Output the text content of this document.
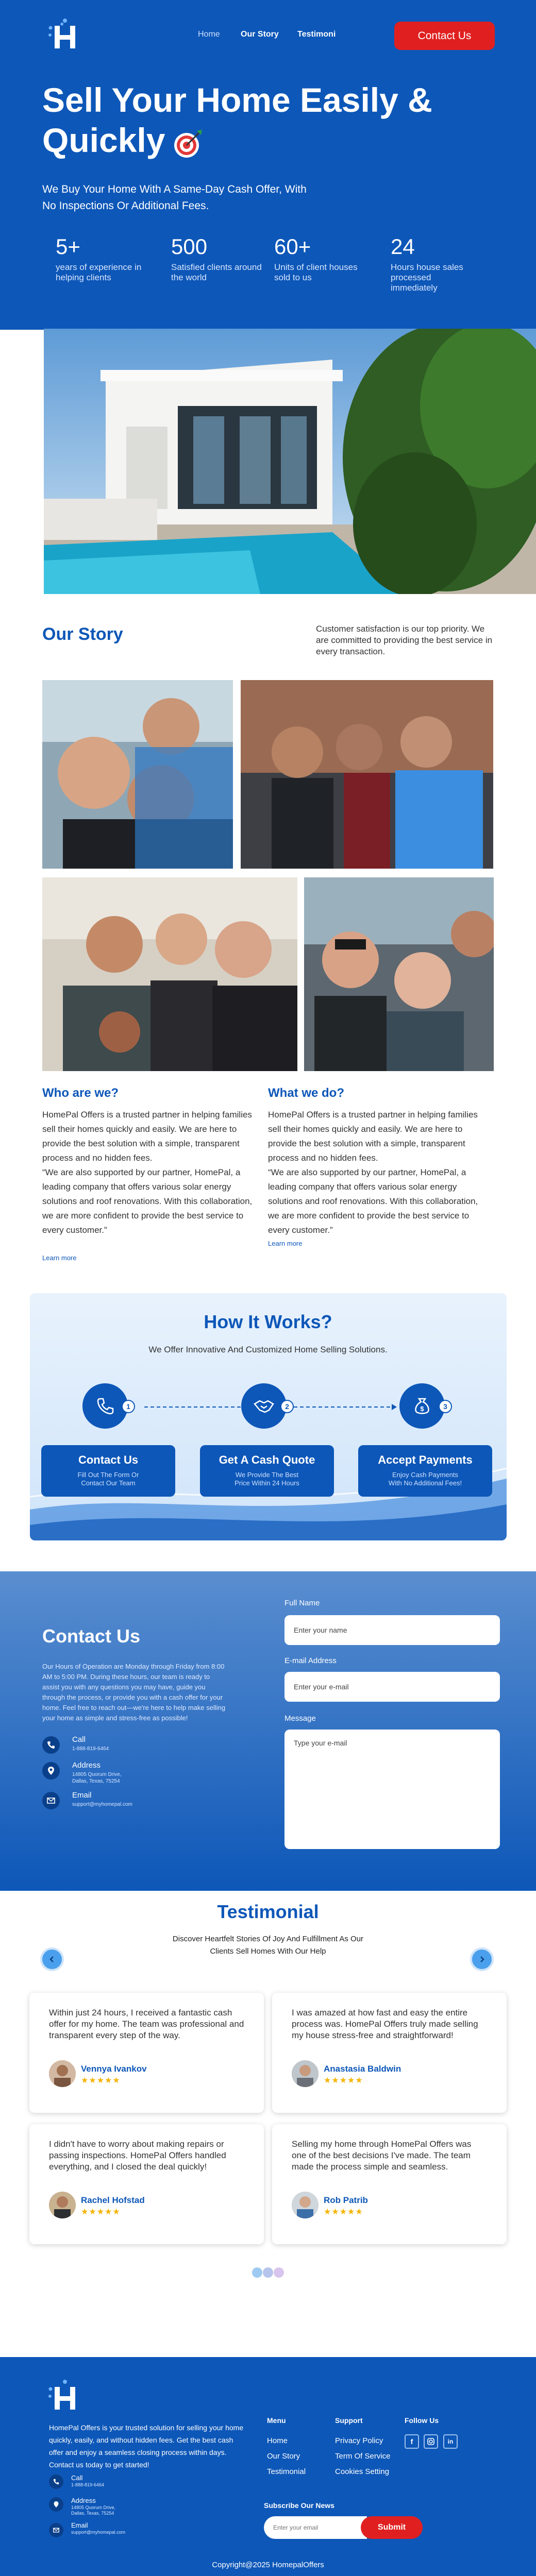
Home	Our Story Testimoni	Contact Us
Sell Your Home Easily & Quickly

We Buy Your Home With A Same-Day Cash Offer, With No Inspections Or Additional Fees.

5+
years of experience in helping clients
500
Satisfied clients around the world
60+
Units of client houses sold to us
24
Hours house sales processed immediately
Our Story	Customer satisfaction is our top priority. We are committed to providing the best service in every transaction.

Who are we?

HomePal Offers is a trusted partner in helping families sell their homes quickly and easily. We are here to provide the best solution with a simple, transparent process and no hidden fees.

“We are also supported by our partner, HomePal, a leading company that offers various solar energy solutions and roof renovations. With this collaboration, we are more confident to provide the best service to every customer.”

Learn more
What we do?

HomePal Offers is a trusted partner in helping families sell their homes quickly and easily. We are here to provide the best solution with a simple, transparent process and no hidden fees.

“We are also supported by our partner, HomePal, a leading company that offers various solar energy solutions and roof renovations. With this collaboration, we are more confident to provide the best service to every customer.”

Learn more
How It Works?

We Offer Innovative And Customized Home Selling Solutions.

1	2	$	3
Contact Us
Fill Out The Form Or Contact Our Team
Get A Cash Quote
We Provide The Best Price Within 24 Hours
Accept Payments
Enjoy Cash Payments With No Additional Fees!
Contact Us

Our Hours of Operation are Monday through Friday from 8:00 AM to 5:00 PM. During these hours, our team is ready to assist you with any questions you may have, guide you through the process, or provide you with a cash offer for your home. Feel free to reach out—we're here to help make selling your home as simple and stress-free as possible!

Call
1-888-819-6464
Address
14805 Quorum Drive, Dallas, Texas, 75254
Email
support@myhomepal.com
Full Name
Enter your name
E-mail Address
Enter your e-mail
Message
Type your e-mail
Testimonial

Discover Heartfelt Stories Of Joy And Fulfillment As Our Clients Sell Homes With Our Help

Within just 24 hours, I received a fantastic cash offer for my home. The team was professional and transparent every step of the way.

Vennya Ivankov
★★★★★

I was amazed at how fast and easy the entire process was. HomePal Offers truly made selling my house stress-free and straightforward!

Anastasia Baldwin
★★★★★

I didn't have to worry about making repairs or passing inspections. HomePal Offers handled everything, and I closed the deal quickly!

Rachel Hofstad
★★★★★

Selling my home through HomePal Offers was one of the best decisions I've made. The team made the process simple and seamless.

Rob Patrib
★★★★★

HomePal Offers is your trusted solution for selling your home quickly, easily, and without hidden fees. Get the best cash offer and enjoy a seamless closing process within days. Contact us today to get started!

Call
1-888-819-6464
Address
14805 Quorum Drive, Dallas, Texas, 75254
Email
support@myhomepal.com
Menu
Home
Our Story
Testimonial
Support
Privacy Policy
Term Of Service
Cookies Setting
Follow Us
f	in
Subscribe Our News
Enter your email
Submit
Copyright@2025 HomepalOffers
